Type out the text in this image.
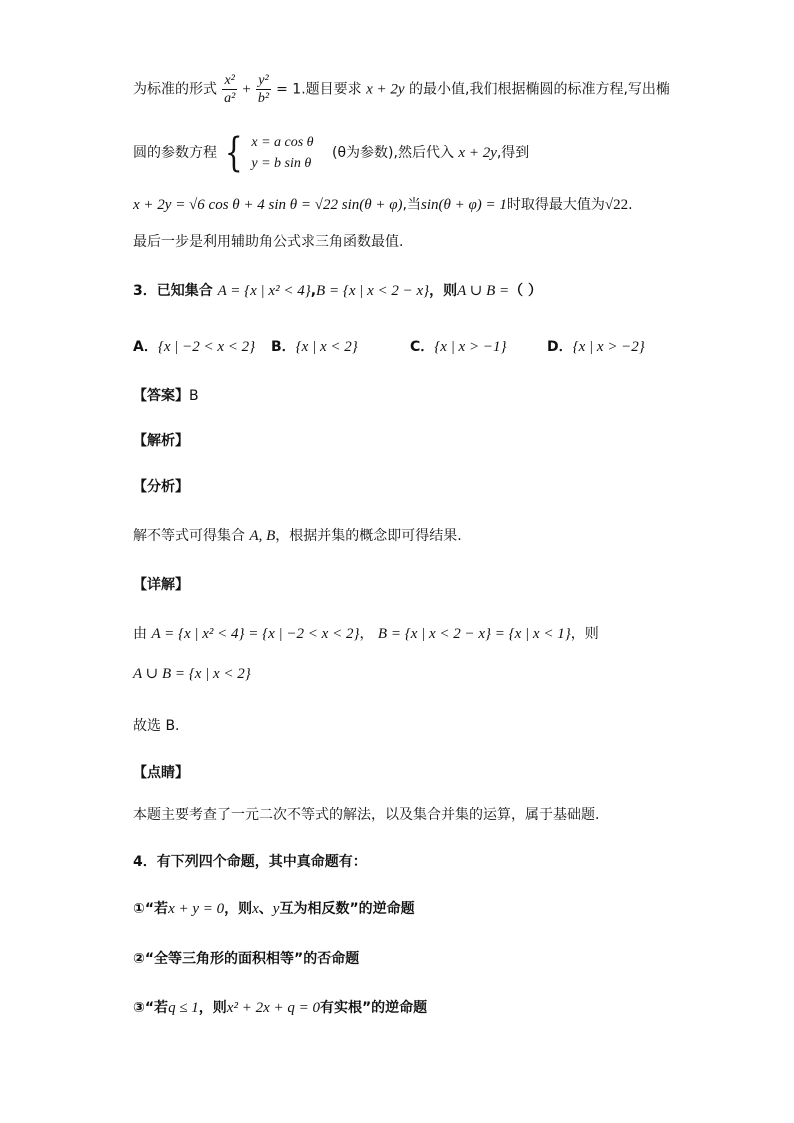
为标准的形式 $\frac{\text{x²}}{\text{a²}} + \frac{\text{y²}}{\text{b²}} = 1$.题目要求 x + 2y 的最小值,我们根据椭圆的标准方程,写出椭
圆的参数方程 { x = a cos θ
y = b sin θ
(θ为参数),然后代入 x + 2y,得到
x + 2y = √6 cos θ + 4 sin θ = √22 sin(θ + φ),当sin(θ + φ) = 1时取得最大值为√22.
最后一步是利用辅助角公式求三角函数最值.
3．已知集合 A = {x | x² < 4},B = {x | x < 2 − x}，则A ∪ B =（ ）
A．{x | −2 < x < 2} B．{x | x < 2}	C．{x | x > −1}	D．{x | x > −2}
【答案】B
【解析】
【分析】
解不等式可得集合 A, B，根据并集的概念即可得结果.
【详解】
由 A = {x | x² < 4} = {x | −2 < x < 2}， B = {x | x < 2 − x} = {x | x < 1}，则
A ∪ B = {x | x < 2}
故选 B.
【点睛】
本题主要考查了一元二次不等式的解法，以及集合并集的运算，属于基础题.
4．有下列四个命题，其中真命题有：
①“若x + y = 0，则x、y互为相反数”的逆命题
②“全等三角形的面积相等”的否命题
③“若q ≤ 1，则x² + 2x + q = 0有实根”的逆命题
